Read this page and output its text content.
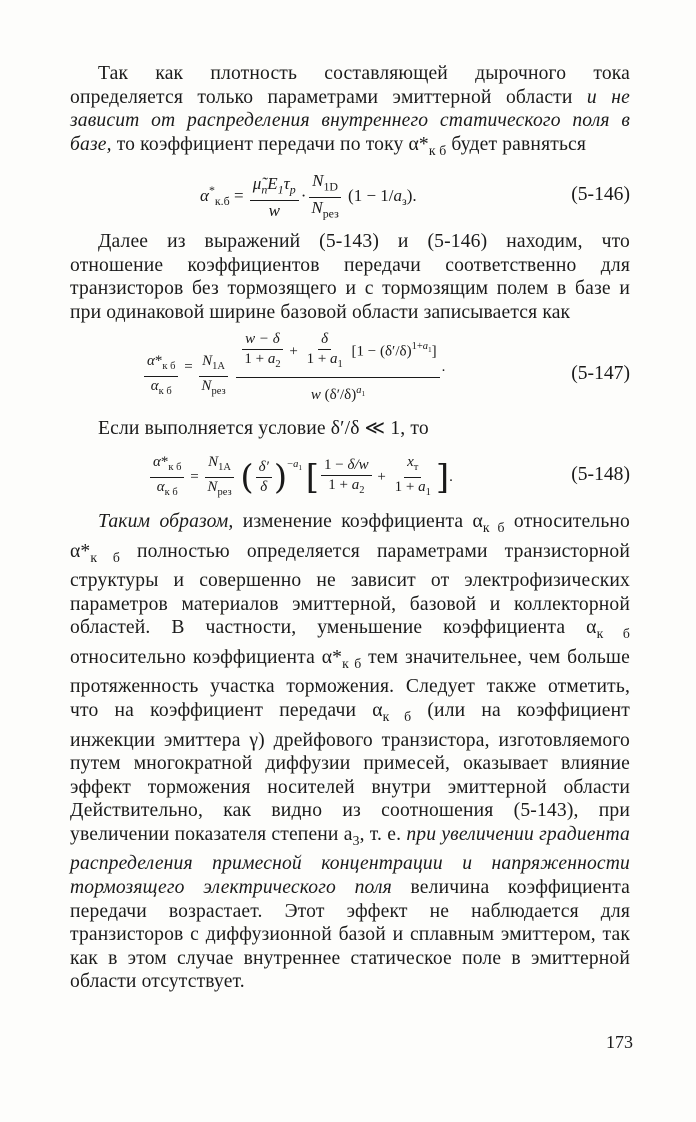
Так как плотность составляющей дырочного тока определяется только параметрами эмиттерной области и не зависит от распределения внутреннего статического поля в базе, то коэффициент передачи по току $\alpha*_{к б}$ будет равняться

$\alpha^*_{к.б} = \frac{\mũ_nE_1\tau_p}{w} \cdot \frac{N_{1D}}{N_{рез}} (1 - 1/a_з)$.	(5-146)

Далее из выражений (5-143) и (5-146) находим, что отношение коэффициентов передачи соответственно для транзисторов без тормозящего и с тормозящим полем в базе и при одинаковой ширине базовой области записывается как

$\frac{\alpha*_{к б}}{\alpha_{к б}} = \frac{N_{1A}}{N_{рез}}$
$\frac{\frac{w - \delta}{1 + a_2} + \frac{\delta}{1 + a_1} [1 - (\delta'/\delta)^{1+a_1}]}{w (\delta'/\delta)^{a_1}}$ .	(5-147)

Если выполняется условие δ′/δ ≪ 1, то

$\frac{\alpha*_{к б}}{\alpha_{к б}} = \frac{N_{1A}}{N_{рез}}$ ( $\frac{\delta'}{\delta} )^{-a_1}$ [ $\frac{1 - \delta/w}{1 + a_2} + \frac{x_т}{1 + a_1}$ ].	(5-148)

Таким образом, изменение коэффициента $\alpha_{к б}$ относительно $\alpha*_{к б}$ полностью определяется параметрами транзисторной структуры и совершенно не зависит от электрофизических параметров материалов эмиттерной, базовой и коллекторной областей. В частности, уменьшение коэффициента $\alpha_{к б}$ относительно коэффициента $\alpha*_{к б}$ тем значительнее, чем больше протяженность участка торможения. Следует также отметить, что на коэффициент передачи $\alpha_{к б}$ (или на коэффициент инжекции эмиттера γ) дрейфового транзистора, изготовляемого путем многократной диффузии примесей, оказывает влияние эффект торможения носителей внутри эмиттерной области Действительно, как видно из соотношения (5-143), при увеличении показателя степени $a_3$, т. е. при увеличении градиента распределения примесной концентрации и напряженности тормозящего электрического поля величина коэффициента передачи возрастает. Этот эффект не наблюдается для транзисторов с диффузионной базой и сплавным эмиттером, так как в этом случае внутреннее статическое поле в эмиттерной области отсутствует.

173
